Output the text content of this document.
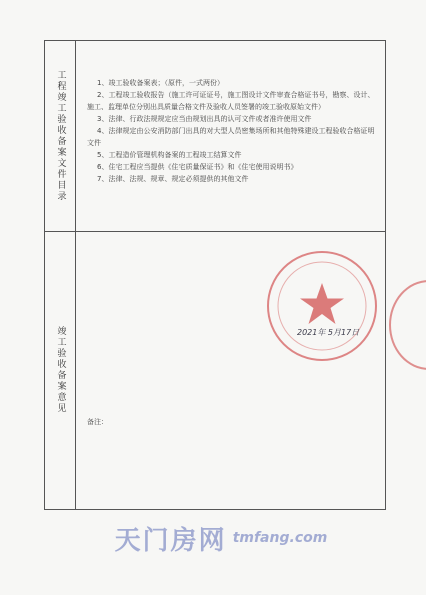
工程竣工验收备案文件目录	1、竣工验收备案表；（原件，一式两份）
2、工程竣工验收报告（施工许可证证号，施工图设计文件审查合格证书号，勘察、设计、施工、监理单位分别出具质量合格文件及验收人员签署的竣工验收原始文件）
3、法律、行政法规规定应当由规划出具的认可文件或者准许使用文件
4、法律规定由公安消防部门出具的对大型人员密集场所和其他特殊建设工程验收合格证明文件
5、工程造价管理机构备案的工程竣工结算文件
6、住宅工程应当提供《住宅质量保证书》和《住宅使用说明书》
7、法律、法规、规章、规定必须提供的其他文件
竣工验收备案意见	2021年 5月17日
备注：
天门房网 tmfang.com
